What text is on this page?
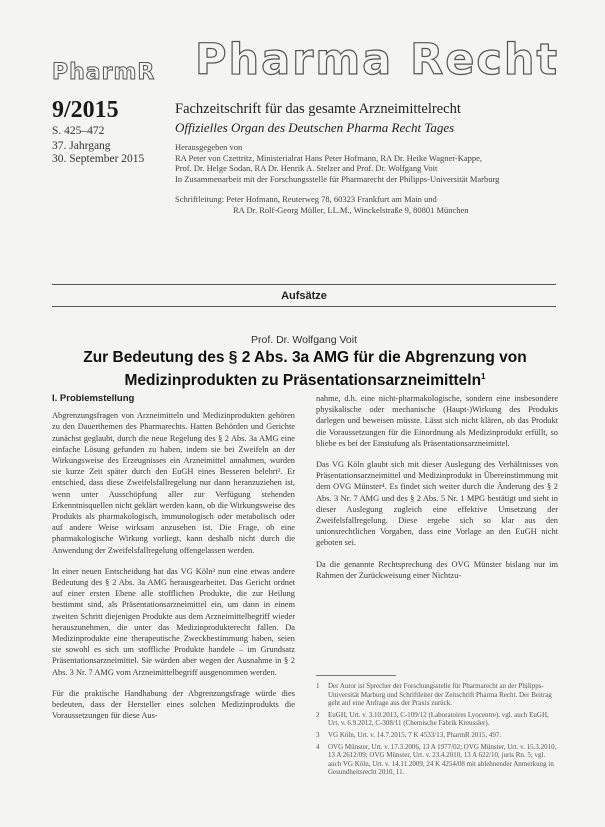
PharmR Pharma Recht
9/2015
S. 425–472
37. Jahrgang
30. September 2015
Fachzeitschrift für das gesamte Arzneimittelrecht
Offizielles Organ des Deutschen Pharma Recht Tages
Herausgegeben von
RA Peter von Czettritz, Ministerialrat Hans Peter Hofmann, RA Dr. Heike Wagner-Kappe,
Prof. Dr. Helge Sodan, RA Dr. Henrik A. Stelzer and Prof. Dr. Wolfgang Voit
In Zusammenarbeit mit der Forschungsstelle für Pharmarecht der Philipps-Universität Marburg
Schriftleitung: Peter Hofmann, Reuterweg 78, 60323 Frankfurt am Main und
RA Dr. Rolf-Georg Müller, LL.M., Winckelstraße 9, 80801 München
Aufsätze
Prof. Dr. Wolfgang Voit
Zur Bedeutung des § 2 Abs. 3a AMG für die Abgrenzung von
Medizinprodukten zu Präsentationsarzneimitteln$^1$
I. Problemstellung

Abgrenzungsfragen von Arzneimitteln und Medizinprodukten gehören zu den Dauerthemen des Pharmarechts. Hatten Behörden und Gerichte zunächst geglaubt, durch die neue Regelung des § 2 Abs. 3a AMG eine einfache Lösung gefunden zu haben, indem sie bei Zweifeln an der Wirkungsweise des Erzeugnisses ein Arzneimittel annahmen, wurden sie kurze Zeit später durch den EuGH eines Besseren belehrt². Er entschied, dass diese Zweifelsfallregelung nur dann heranzuziehen ist, wenn unter Ausschöpfung aller zur Verfügung stehenden Erkenntnisquellen nicht geklärt werden kann, ob die Wirkungsweise des Produkts als pharmakologisch, immunologisch oder metabolisch oder auf andere Weise wirksam anzusehen ist. Die Frage, ob eine pharmakologische Wirkung vorliegt, kann deshalb nicht durch die Anwendung der Zweifelsfallregelung offengelassen werden.

In einer neuen Entscheidung hat das VG Köln³ nun eine etwas andere Bedeutung des § 2 Abs. 3a AMG herausgearbeitet. Das Gericht ordnet auf einer ersten Ebene alle stofflichen Produkte, die zur Heilung bestimmt sind, als Präsentationsarzneimittel ein, um dann in einem zweiten Schritt diejenigen Produkte aus dem Arzneimittelbegriff wieder herauszunehmen, die unter das Medizinprodukterecht fallen. Da Medizinprodukte eine therapeutische Zweckbestimmung haben, seien sie sowohl es sich um stoffliche Produkte handele – im Grundsatz Präsentationsarzneimittel. Sie würden aber wegen der Ausnahme in § 2 Abs. 3 Nr. 7 AMG vom Arzneimittelbegriff ausgenommen werden.

Für die praktische Handhabung der Abgrenzungsfrage würde dies bedeuten, dass der Hersteller eines solchen Medizinprodukts die Voraussetzungen für diese Aus-

nahme, d.h. eine nicht-pharmakologische, sondern eine insbesondere physikalische oder mechanische (Haupt-)Wirkung des Produkts darlegen und beweisen müsste. Lässt sich nicht klären, ob das Produkt die Voraussetzungen für die Einordnung als Medizinprodukt erfüllt, so bliebe es bei der Einstufung als Präsentationsarzneimittel.

Das VG Köln glaubt sich mit dieser Auslegung des Verhältnisses von Präsentationsarzneimittel und Medizinprodukt in Übereinstimmung mit dem OVG Münster⁴. Es findet sich weiter durch die Änderung des § 2 Abs. 3 Nr. 7 AMG und des § 2 Abs. 5 Nr. 1 MPG bestätigt und sieht in dieser Auslegung zugleich eine effektive Umsetzung der Zweifelsfallregelung. Diese ergebe sich so klar aus den unionsrechtlichen Vorgaben, dass eine Vorlage an den EuGH nicht geboten sei.

Da die genannte Rechtsprechung des OVG Münster bislang nur im Rahmen der Zurückweisung einer Nichtzu-

1	Der Autor ist Sprecher der Forschungsstelle für Pharmarecht an der Philipps-Universität Marburg und Schriftleiter der Zeitschrift Pharma Recht. Der Beitrag geht auf eine Anfrage aus der Praxis zurück.
2	EuGH, Urt. v. 3.10.2013, C-109/12 (Laboratoires Lyocentre), vgl. auch EuGH, Urt. v. 6.9.2012, C-308/11 (Chemische Fabrik Kreussler).
3	VG Köln, Urt. v. 14.7.2015, 7 K 4533/13, PharmR 2015, 497.
4	OVG Münster, Urt. v. 17.3.2006, 13 A 1977/02; OVG Münster, Urt. v. 15.3.2010, 13 A 2612/09; OVG Münster, Urt. v. 23.4.2010, 13 A 622/10, juris Rn. 5; vgl. auch VG Köln, Urt. v. 14.11.2009, 24 K 4254/08 mit ablehnender Anmerkung in Gesundheitsrecht 2010, 11.
